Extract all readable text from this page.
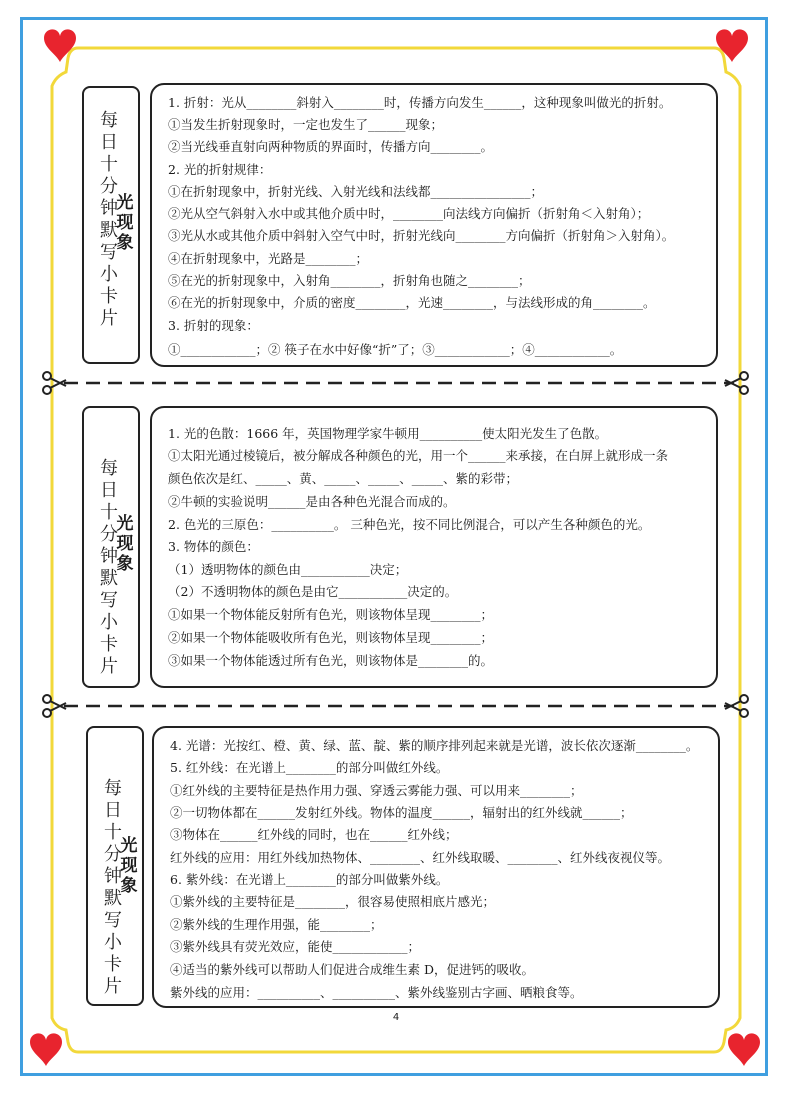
每
日
十
分
钟
默
写
小
卡
片
光
现
象
1. 折射：光从________斜射入________时，传播方向发生______，这种现象叫做光的折射。
①当发生折射现象时，一定也发生了______现象；
②当光线垂直射向两种物质的界面时，传播方向________。
2. 光的折射规律：
①在折射现象中，折射光线、入射光线和法线都________________；
②光从空气斜射入水中或其他介质中时，________向法线方向偏折（折射角＜入射角）；
③光从水或其他介质中斜射入空气中时，折射光线向________方向偏折（折射角＞入射角）。
④在折射现象中，光路是________；
⑤在光的折射现象中，入射角________，折射角也随之________；
⑥在光的折射现象中，介质的密度________，光速________，与法线形成的角________。
3. 折射的现象：
①____________；② 筷子在水中好像“折”了；③____________；④____________。
每
日
十
分
钟
默
写
小
卡
片
光
现
象
1. 光的色散：1666 年，英国物理学家牛顿用__________使太阳光发生了色散。
①太阳光通过棱镜后，被分解成各种颜色的光，用一个______来承接，在白屏上就形成一条
颜色依次是红、_____、黄、_____、_____、_____、紫的彩带；
②牛顿的实验说明______是由各种色光混合而成的。
2. 色光的三原色：__________。 三种色光，按不同比例混合，可以产生各种颜色的光。
3. 物体的颜色：
（1）透明物体的颜色由___________决定；
（2）不透明物体的颜色是由它___________决定的。
①如果一个物体能反射所有色光，则该物体呈现________；
②如果一个物体能吸收所有色光，则该物体呈现________；
③如果一个物体能透过所有色光，则该物体是________的。
每
日
十
分
钟
默
写
小
卡
片
光
现
象
4. 光谱：光按红、橙、黄、绿、蓝、靛、紫的顺序排列起来就是光谱，波长依次逐渐________。
5. 红外线：在光谱上________的部分叫做红外线。
①红外线的主要特征是热作用力强、穿透云雾能力强、可以用来________；
②一切物体都在______发射红外线。物体的温度______，辐射出的红外线就______；
③物体在______红外线的同时，也在______红外线；
红外线的应用：用红外线加热物体、________、红外线取暖、________、红外线夜视仪等。
6. 紫外线：在光谱上________的部分叫做紫外线。
①紫外线的主要特征是________，很容易使照相底片感光；
②紫外线的生理作用强，能________；
③紫外线具有荧光效应，能使____________；
④适当的紫外线可以帮助人们促进合成维生素 D，促进钙的吸收。
紫外线的应用：__________、__________、紫外线鉴别古字画、晒粮食等。
4
